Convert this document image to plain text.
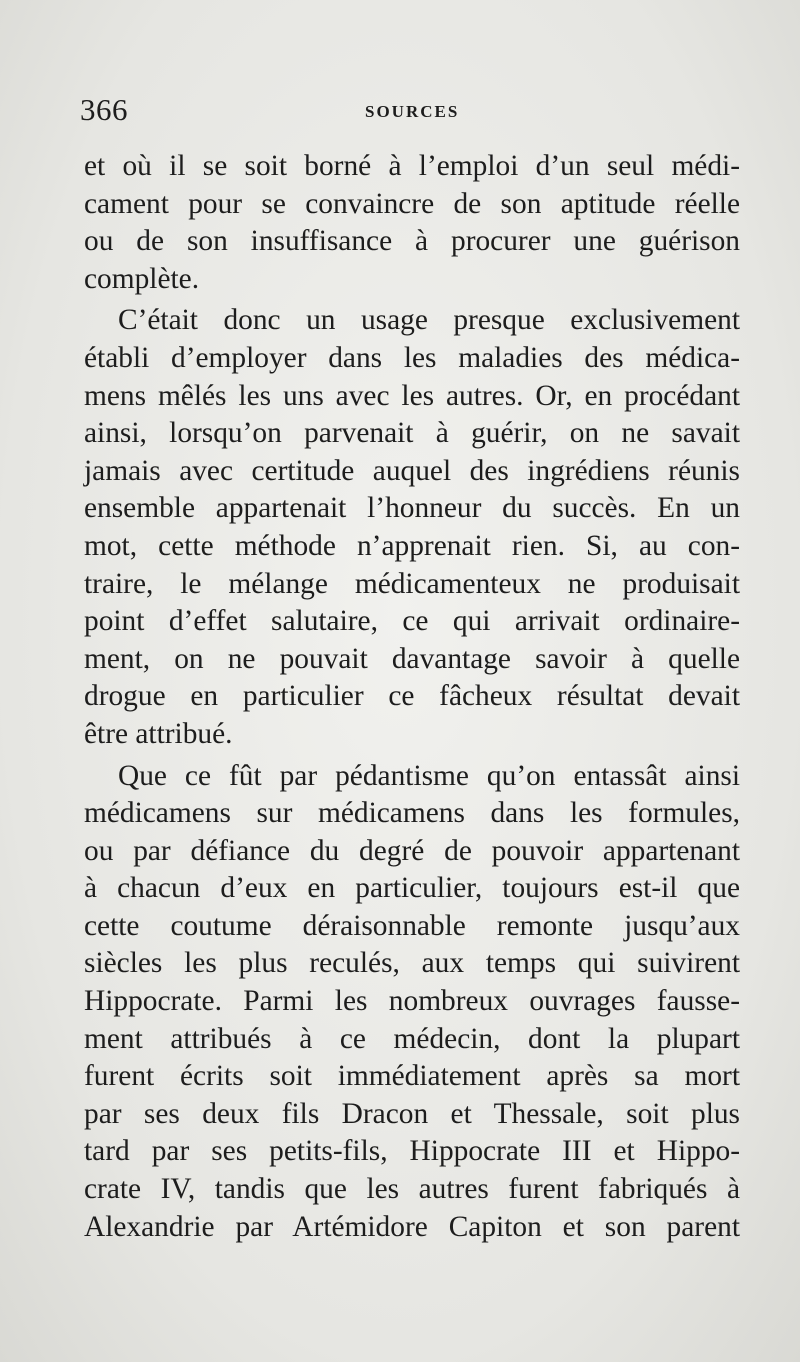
366	SOURCES
et où il se soit borné à l’emploi d’un seul médi-
cament pour se convaincre de son aptitude réelle
ou de son insuffisance à procurer une guérison
complète.
C’était donc un usage presque exclusivement
établi d’employer dans les maladies des médica-
mens mêlés les uns avec les autres. Or, en procédant
ainsi, lorsqu’on parvenait à guérir, on ne savait
jamais avec certitude auquel des ingrédiens réunis
ensemble appartenait l’honneur du succès. En un
mot, cette méthode n’apprenait rien. Si, au con-
traire, le mélange médicamenteux ne produisait
point d’effet salutaire, ce qui arrivait ordinaire-
ment, on ne pouvait davantage savoir à quelle
drogue en particulier ce fâcheux résultat devait
être attribué.
Que ce fût par pédantisme qu’on entassât ainsi
médicamens sur médicamens dans les formules,
ou par défiance du degré de pouvoir appartenant
à chacun d’eux en particulier, toujours est-il que
cette coutume déraisonnable remonte jusqu’aux
siècles les plus reculés, aux temps qui suivirent
Hippocrate. Parmi les nombreux ouvrages fausse-
ment attribués à ce médecin, dont la plupart
furent écrits soit immédiatement après sa mort
par ses deux fils Dracon et Thessale, soit plus
tard par ses petits-fils, Hippocrate III et Hippo-
crate IV, tandis que les autres furent fabriqués à
Alexandrie par Artémidore Capiton et son parent
